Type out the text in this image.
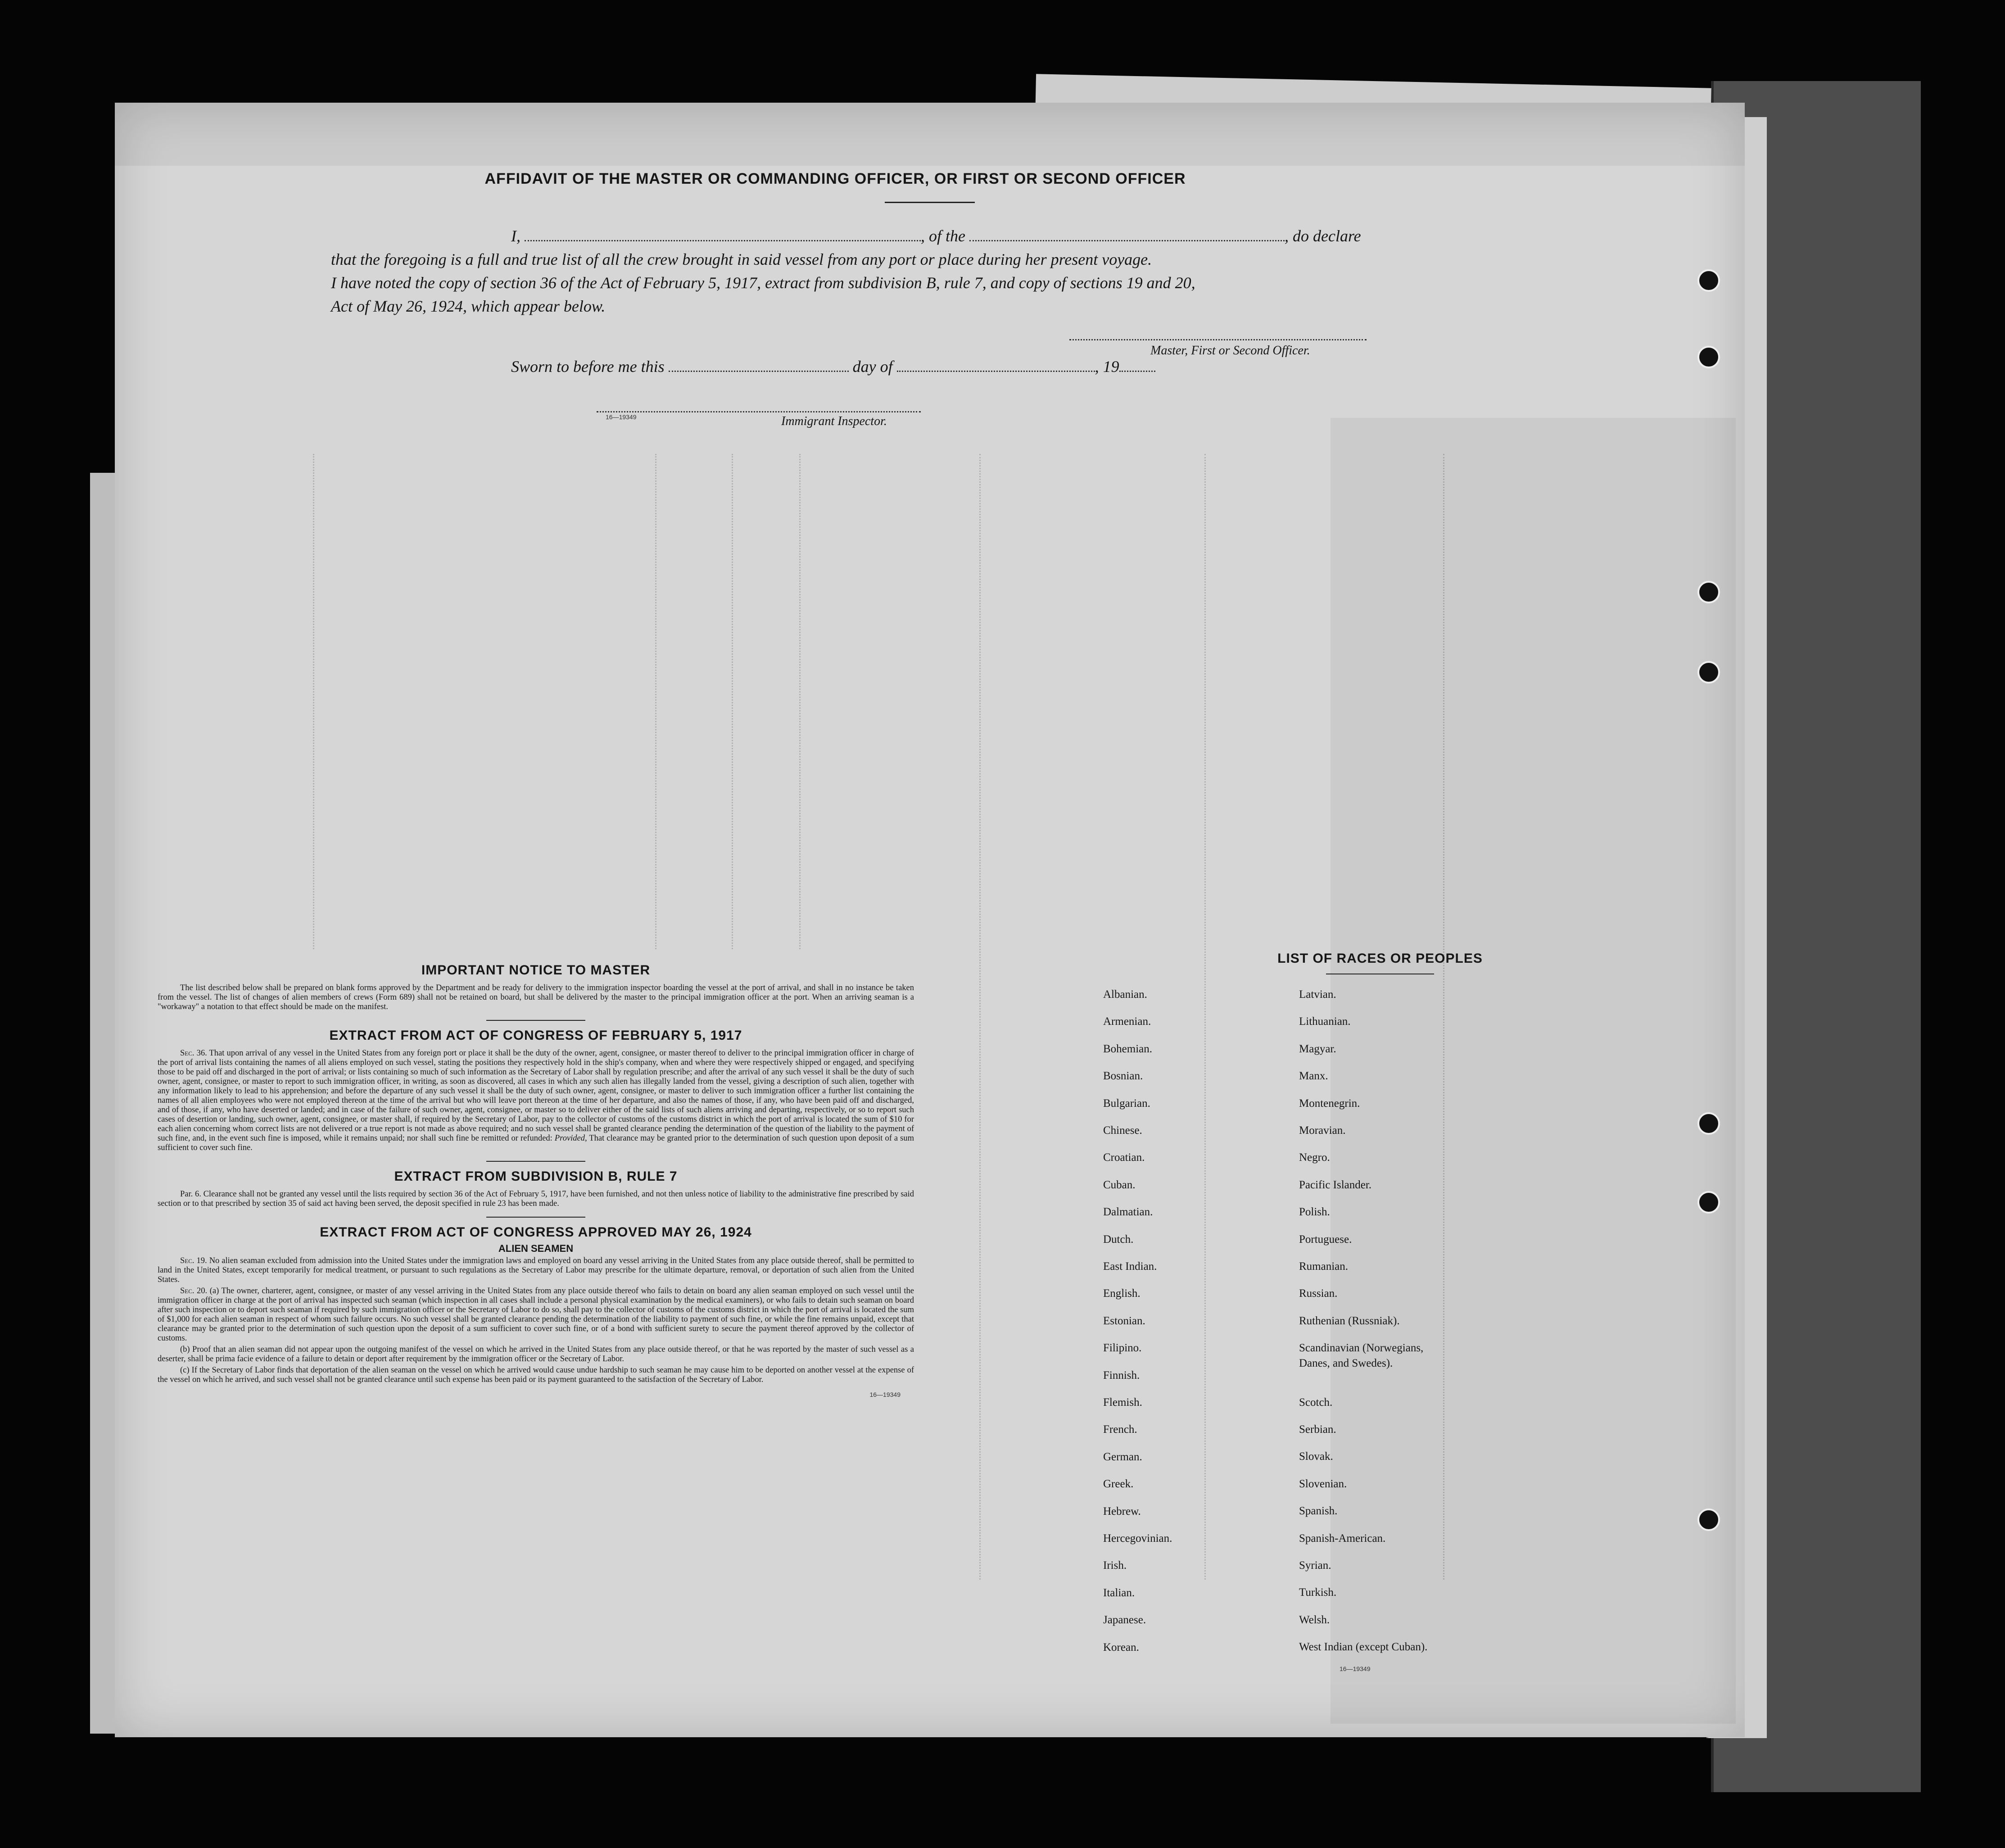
AFFIDAVIT OF THE MASTER OR COMMANDING OFFICER, OR FIRST OR SECOND OFFICER
I,	, of the	, do declare
that the foregoing is a full and true list of all the crew brought in said vessel from any port or place during her present voyage.
I have noted the copy of section 36 of the Act of February 5, 1917, extract from subdivision B, rule 7, and copy of sections 19 and 20,
Act of May 26, 1924, which appear below.
Master, First or Second Officer.
Sworn to before me this	day of	, 19
16—19349	Immigrant Inspector.

IMPORTANT NOTICE TO MASTER

The list described below shall be prepared on blank forms approved by the Department and be ready for delivery to the immigration inspector boarding the vessel at the port of arrival, and shall in no instance be taken from the vessel. The list of changes of alien members of crews (Form 689) shall not be retained on board, but shall be delivered by the master to the principal immigration officer at the port. When an arriving seaman is a "workaway" a notation to that effect should be made on the manifest.

EXTRACT FROM ACT OF CONGRESS OF FEBRUARY 5, 1917

Sec. 36. That upon arrival of any vessel in the United States from any foreign port or place it shall be the duty of the owner, agent, consignee, or master thereof to deliver to the principal immigration officer in charge of the port of arrival lists containing the names of all aliens employed on such vessel, stating the positions they respectively hold in the ship's company, when and where they were respectively shipped or engaged, and specifying those to be paid off and discharged in the port of arrival; or lists containing so much of such information as the Secretary of Labor shall by regulation prescribe; and after the arrival of any such vessel it shall be the duty of such owner, agent, consignee, or master to report to such immigration officer, in writing, as soon as discovered, all cases in which any such alien has illegally landed from the vessel, giving a description of such alien, together with any information likely to lead to his apprehension; and before the departure of any such vessel it shall be the duty of such owner, agent, consignee, or master to deliver to such immigration officer a further list containing the names of all alien employees who were not employed thereon at the time of the arrival but who will leave port thereon at the time of her departure, and also the names of those, if any, who have been paid off and discharged, and of those, if any, who have deserted or landed; and in case of the failure of such owner, agent, consignee, or master so to deliver either of the said lists of such aliens arriving and departing, respectively, or so to report such cases of desertion or landing, such owner, agent, consignee, or master shall, if required by the Secretary of Labor, pay to the collector of customs of the customs district in which the port of arrival is located the sum of $10 for each alien concerning whom correct lists are not delivered or a true report is not made as above required; and no such vessel shall be granted clearance pending the determination of the question of the liability to the payment of such fine, and, in the event such fine is imposed, while it remains unpaid; nor shall such fine be remitted or refunded: Provided, That clearance may be granted prior to the determination of such question upon deposit of a sum sufficient to cover such fine.

EXTRACT FROM SUBDIVISION B, RULE 7

Par. 6. Clearance shall not be granted any vessel until the lists required by section 36 of the Act of February 5, 1917, have been furnished, and not then unless notice of liability to the administrative fine prescribed by said section or to that prescribed by section 35 of said act having been served, the deposit specified in rule 23 has been made.

EXTRACT FROM ACT OF CONGRESS APPROVED MAY 26, 1924

ALIEN SEAMEN

Sec. 19. No alien seaman excluded from admission into the United States under the immigration laws and employed on board any vessel arriving in the United States from any place outside thereof, shall be permitted to land in the United States, except temporarily for medical treatment, or pursuant to such regulations as the Secretary of Labor may prescribe for the ultimate departure, removal, or deportation of such alien from the United States.

Sec. 20. (a) The owner, charterer, agent, consignee, or master of any vessel arriving in the United States from any place outside thereof who fails to detain on board any alien seaman employed on such vessel until the immigration officer in charge at the port of arrival has inspected such seaman (which inspection in all cases shall include a personal physical examination by the medical examiners), or who fails to detain such seaman on board after such inspection or to deport such seaman if required by such immigration officer or the Secretary of Labor to do so, shall pay to the collector of customs of the customs district in which the port of arrival is located the sum of $1,000 for each alien seaman in respect of whom such failure occurs. No such vessel shall be granted clearance pending the determination of the liability to payment of such fine, or while the fine remains unpaid, except that clearance may be granted prior to the determination of such question upon the deposit of a sum sufficient to cover such fine, or of a bond with sufficient surety to secure the payment thereof approved by the collector of customs.

(b) Proof that an alien seaman did not appear upon the outgoing manifest of the vessel on which he arrived in the United States from any place outside thereof, or that he was reported by the master of such vessel as a deserter, shall be prima facie evidence of a failure to detain or deport after requirement by the immigration officer or the Secretary of Labor.

(c) If the Secretary of Labor finds that deportation of the alien seaman on the vessel on which he arrived would cause undue hardship to such seaman he may cause him to be deported on another vessel at the expense of the vessel on which he arrived, and such vessel shall not be granted clearance until such expense has been paid or its payment guaranteed to the satisfaction of the Secretary of Labor.

16—19349
LIST OF RACES OR PEOPLES
16—19349
Albanian.
Armenian.
Bohemian.
Bosnian.
Bulgarian.
Chinese.
Croatian.
Cuban.
Dalmatian.
Dutch.
East Indian.
English.
Estonian.
Filipino.
Finnish.
Flemish.
French.
German.
Greek.
Hebrew.
Hercegovinian.
Irish.
Italian.
Japanese.
Korean.
Latvian.
Lithuanian.
Magyar.
Manx.
Montenegrin.
Moravian.
Negro.
Pacific Islander.
Polish.
Portuguese.
Rumanian.
Russian.
Ruthenian (Russniak).
Scandinavian (Norwegians,
Danes, and Swedes).
Scotch.
Serbian.
Slovak.
Slovenian.
Spanish.
Spanish-American.
Syrian.
Turkish.
Welsh.
West Indian (except Cuban).
